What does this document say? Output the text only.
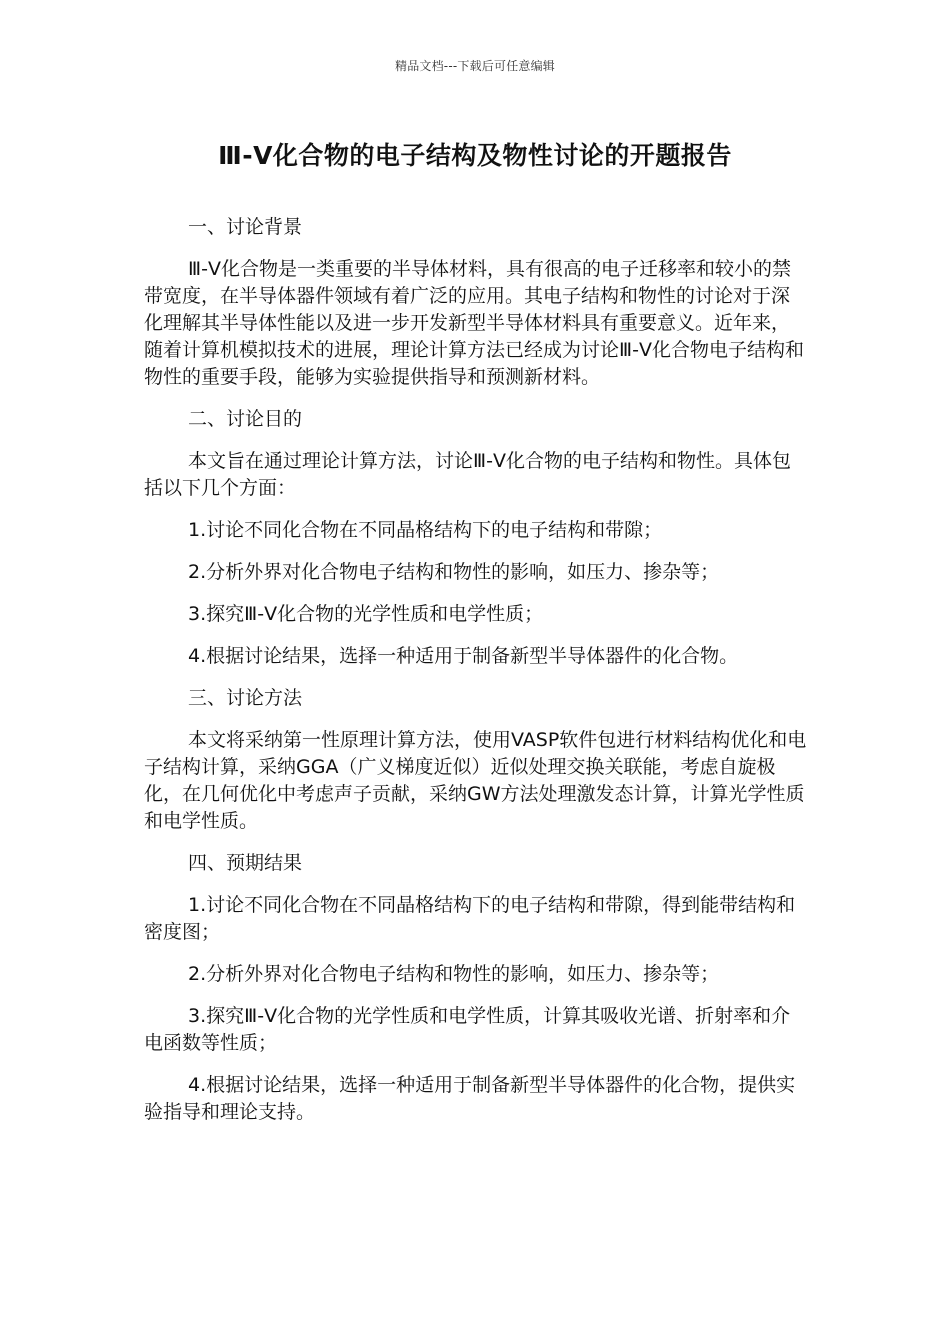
精品文档---下载后可任意编辑
Ⅲ-Ⅴ化合物的电子结构及物性讨论的开题报告

一、讨论背景

Ⅲ-Ⅴ化合物是一类重要的半导体材料，具有很高的电子迁移率和较小的禁带宽度，在半导体器件领域有着广泛的应用。其电子结构和物性的讨论对于深化理解其半导体性能以及进一步开发新型半导体材料具有重要意义。近年来，随着计算机模拟技术的进展，理论计算方法已经成为讨论Ⅲ-Ⅴ化合物电子结构和物性的重要手段，能够为实验提供指导和预测新材料。

二、讨论目的

本文旨在通过理论计算方法，讨论Ⅲ-Ⅴ化合物的电子结构和物性。具体包括以下几个方面：

1.讨论不同化合物在不同晶格结构下的电子结构和带隙；

2.分析外界对化合物电子结构和物性的影响，如压力、掺杂等；

3.探究Ⅲ-Ⅴ化合物的光学性质和电学性质；

4.根据讨论结果，选择一种适用于制备新型半导体器件的化合物。

三、讨论方法

本文将采纳第一性原理计算方法，使用VASP软件包进行材料结构优化和电子结构计算，采纳GGA（广义梯度近似）近似处理交换关联能，考虑自旋极化，在几何优化中考虑声子贡献，采纳GW方法处理激发态计算，计算光学性质和电学性质。

四、预期结果

1.讨论不同化合物在不同晶格结构下的电子结构和带隙，得到能带结构和密度图；

2.分析外界对化合物电子结构和物性的影响，如压力、掺杂等；

3.探究Ⅲ-Ⅴ化合物的光学性质和电学性质，计算其吸收光谱、折射率和介电函数等性质；

4.根据讨论结果，选择一种适用于制备新型半导体器件的化合物，提供实验指导和理论支持。
